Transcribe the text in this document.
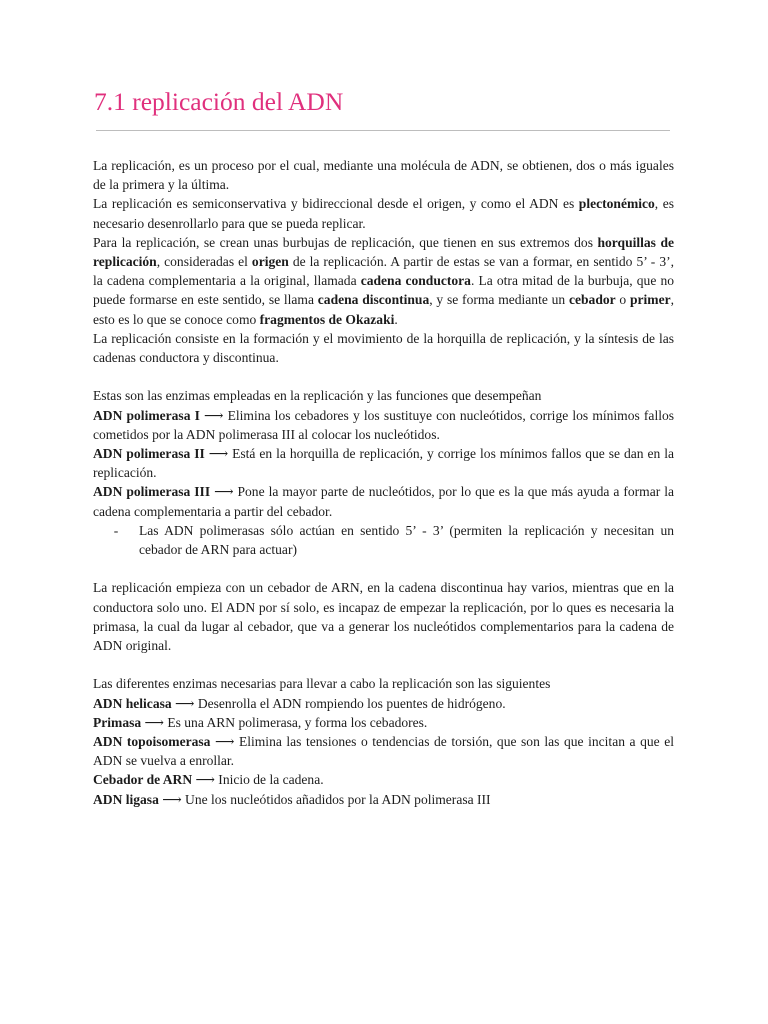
7.1 replicación del ADN

La replicación, es un proceso por el cual, mediante una molécula de ADN, se obtienen, dos o más iguales de la primera y la última.

La replicación es semiconservativa y bidireccional desde el origen, y como el ADN es plectonémico, es necesario desenrollarlo para que se pueda replicar.

Para la replicación, se crean unas burbujas de replicación, que tienen en sus extremos dos horquillas de replicación, consideradas el origen de la replicación. A partir de estas se van a formar, en sentido 5’ - 3’, la cadena complementaria a la original, llamada cadena conductora. La otra mitad de la burbuja, que no puede formarse en este sentido, se llama cadena discontinua, y se forma mediante un cebador o primer, esto es lo que se conoce como fragmentos de Okazaki.

La replicación consiste en la formación y el movimiento de la horquilla de replicación, y la síntesis de las cadenas conductora y discontinua.

Estas son las enzimas empleadas en la replicación y las funciones que desempeñan

ADN polimerasa I ⟶ Elimina los cebadores y los sustituye con nucleótidos, corrige los mínimos fallos cometidos por la ADN polimerasa III al colocar los nucleótidos.

ADN polimerasa II ⟶ Está en la horquilla de replicación, y corrige los mínimos fallos que se dan en la replicación.

ADN polimerasa III ⟶ Pone la mayor parte de nucleótidos, por lo que es la que más ayuda a formar la cadena complementaria a partir del cebador.

-	Las ADN polimerasas sólo actúan en sentido 5’ - 3’ (permiten la replicación y necesitan un cebador de ARN para actuar)

La replicación empieza con un cebador de ARN, en la cadena discontinua hay varios, mientras que en la conductora solo uno. El ADN por sí solo, es incapaz de empezar la replicación, por lo ques es necesaria la primasa, la cual da lugar al cebador, que va a generar los nucleótidos complementarios para la cadena de ADN original.

Las diferentes enzimas necesarias para llevar a cabo la replicación son las siguientes

ADN helicasa ⟶ Desenrolla el ADN rompiendo los puentes de hidrógeno.

Primasa ⟶ Es una ARN polimerasa, y forma los cebadores.

ADN topoisomerasa ⟶ Elimina las tensiones o tendencias de torsión, que son las que incitan a que el ADN se vuelva a enrollar.

Cebador de ARN ⟶ Inicio de la cadena.

ADN ligasa ⟶ Une los nucleótidos añadidos por la ADN polimerasa III
